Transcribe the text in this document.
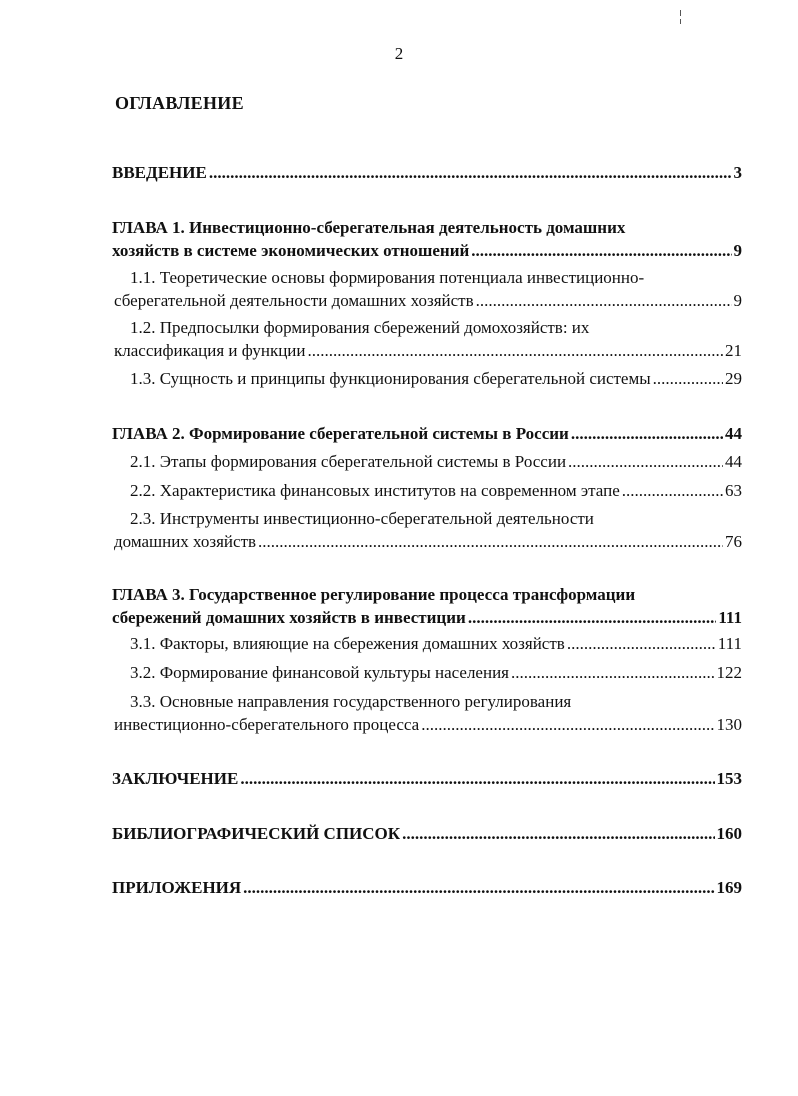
2
ОГЛАВЛЕНИЕ
ВВЕДЕНИЕ .....	3
ГЛАВА 1. Инвестиционно-сберегательная деятельность домашних
хозяйств в системе экономических отношений .....	9
1.1. Теоретические основы формирования потенциала инвестиционно-
сберегательной деятельности домашних хозяйств .....	9
1.2. Предпосылки формирования сбережений домохозяйств: их
классификация и функции .....	21
1.3. Сущность и принципы функционирования сберегательной системы .....	29
ГЛАВА 2. Формирование сберегательной системы в России .....	44
2.1. Этапы формирования сберегательной системы в России .....	44
2.2. Характеристика финансовых институтов на современном этапе .....	63
2.3. Инструменты инвестиционно-сберегательной деятельности
домашних хозяйств .....	76
ГЛАВА 3. Государственное регулирование процесса трансформации
сбережений домашних хозяйств в инвестиции .....	111
3.1. Факторы, влияющие на сбережения домашних хозяйств .....	111
3.2. Формирование финансовой культуры населения .....	122
3.3. Основные направления государственного регулирования
инвестиционно-сберегательного процесса .....	130
ЗАКЛЮЧЕНИЕ .....	153
БИБЛИОГРАФИЧЕСКИЙ СПИСОК .....	160
ПРИЛОЖЕНИЯ .....	169
